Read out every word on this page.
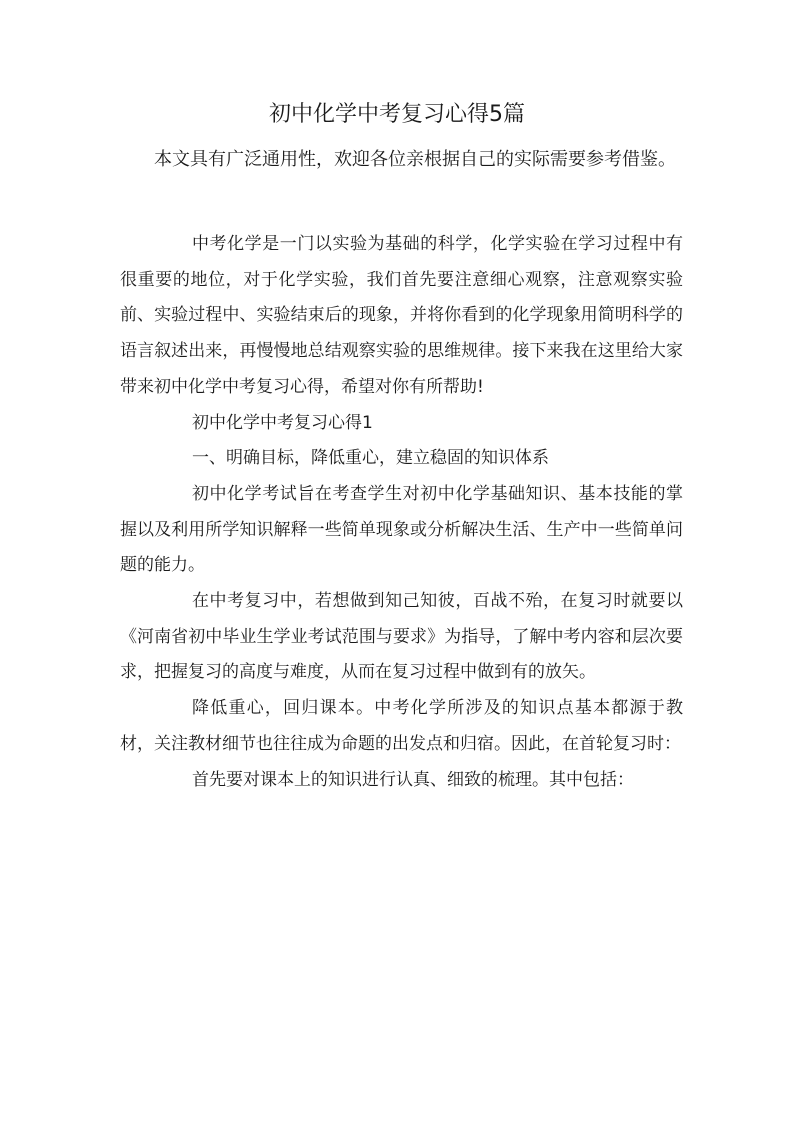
初中化学中考复习心得5篇
本文具有广泛通用性，欢迎各位亲根据自己的实际需要参考借鉴。

中考化学是一门以实验为基础的科学，化学实验在学习过程中有很重要的地位，对于化学实验，我们首先要注意细心观察，注意观察实验前、实验过程中、实验结束后的现象，并将你看到的化学现象用简明科学的语言叙述出来，再慢慢地总结观察实验的思维规律。接下来我在这里给大家带来初中化学中考复习心得，希望对你有所帮助!

初中化学中考复习心得1

一、明确目标，降低重心，建立稳固的知识体系

初中化学考试旨在考查学生对初中化学基础知识、基本技能的掌握以及利用所学知识解释一些简单现象或分析解决生活、生产中一些简单问题的能力。

在中考复习中，若想做到知己知彼，百战不殆，在复习时就要以《河南省初中毕业生学业考试范围与要求》为指导，了解中考内容和层次要求，把握复习的高度与难度，从而在复习过程中做到有的放矢。

降低重心，回归课本。中考化学所涉及的知识点基本都源于教材，关注教材细节也往往成为命题的出发点和归宿。因此，在首轮复习时：

首先要对课本上的知识进行认真、细致的梳理。其中包括：
